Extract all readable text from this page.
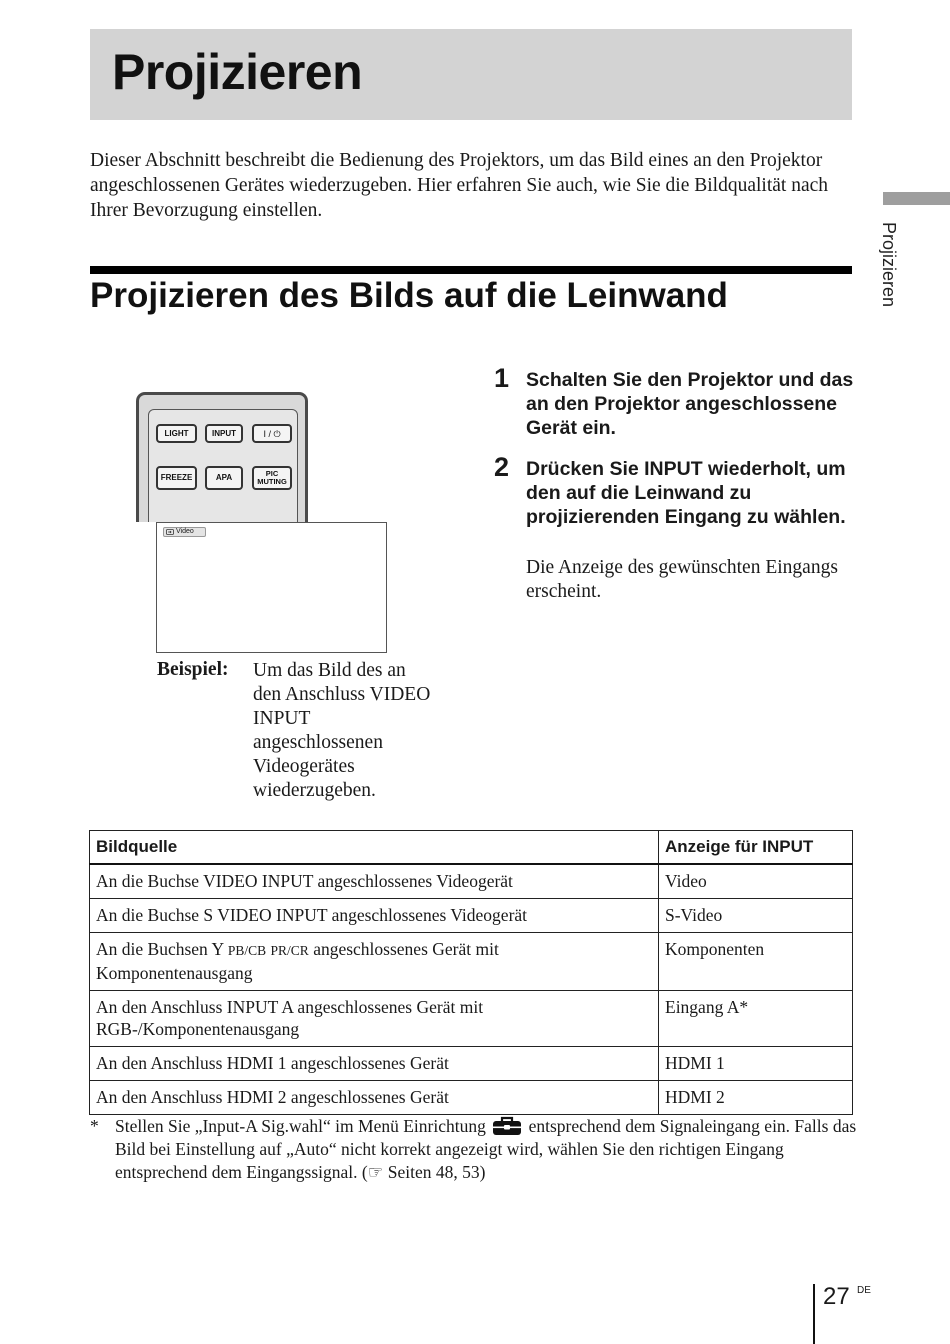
Projizieren

Dieser Abschnitt beschreibt die Bedienung des Projektors, um das Bild eines an den Projektor angeschlossenen Gerätes wiederzugeben. Hier erfahren Sie auch, wie Sie die Bildqualität nach Ihrer Bevorzugung einstellen.

Projizieren
Projizieren des Bilds auf die Leinwand
LIGHT	INPUT	I / ⏻
FREEZE	APA	PIC MUTING
Video
Beispiel: Um das Bild des an den Anschluss VIDEO INPUT angeschlossenen Videogerätes wiederzugeben.
1 Schalten Sie den Projektor und das an den Projektor angeschlossene Gerät ein.

2 Drücken Sie INPUT wiederholt, um den auf die Leinwand zu projizierenden Eingang zu wählen.

Die Anzeige des gewünschten Eingangs erscheint.

Bildquelle	Anzeige für INPUT
An die Buchse VIDEO INPUT angeschlossenes Videogerät	Video
An die Buchse S VIDEO INPUT angeschlossenes Videogerät	S-Video
An die Buchsen Y PB/CB PR/CR angeschlossenes Gerät mit Komponentenausgang	Komponenten
An den Anschluss INPUT A angeschlossenes Gerät mit RGB-/Komponentenausgang	Eingang A*
An den Anschluss HDMI 1 angeschlossenes Gerät	HDMI 1
An den Anschluss HDMI 2 angeschlossenes Gerät	HDMI 2
* Stellen Sie „Input-A Sig.wahl“ im Menü Einrichtung entsprechend dem Signaleingang ein. Falls das Bild bei Einstellung auf „Auto“ nicht korrekt angezeigt wird, wählen Sie den richtigen Eingang entsprechend dem Eingangssignal. (☞ Seiten 48, 53)
27 DE
